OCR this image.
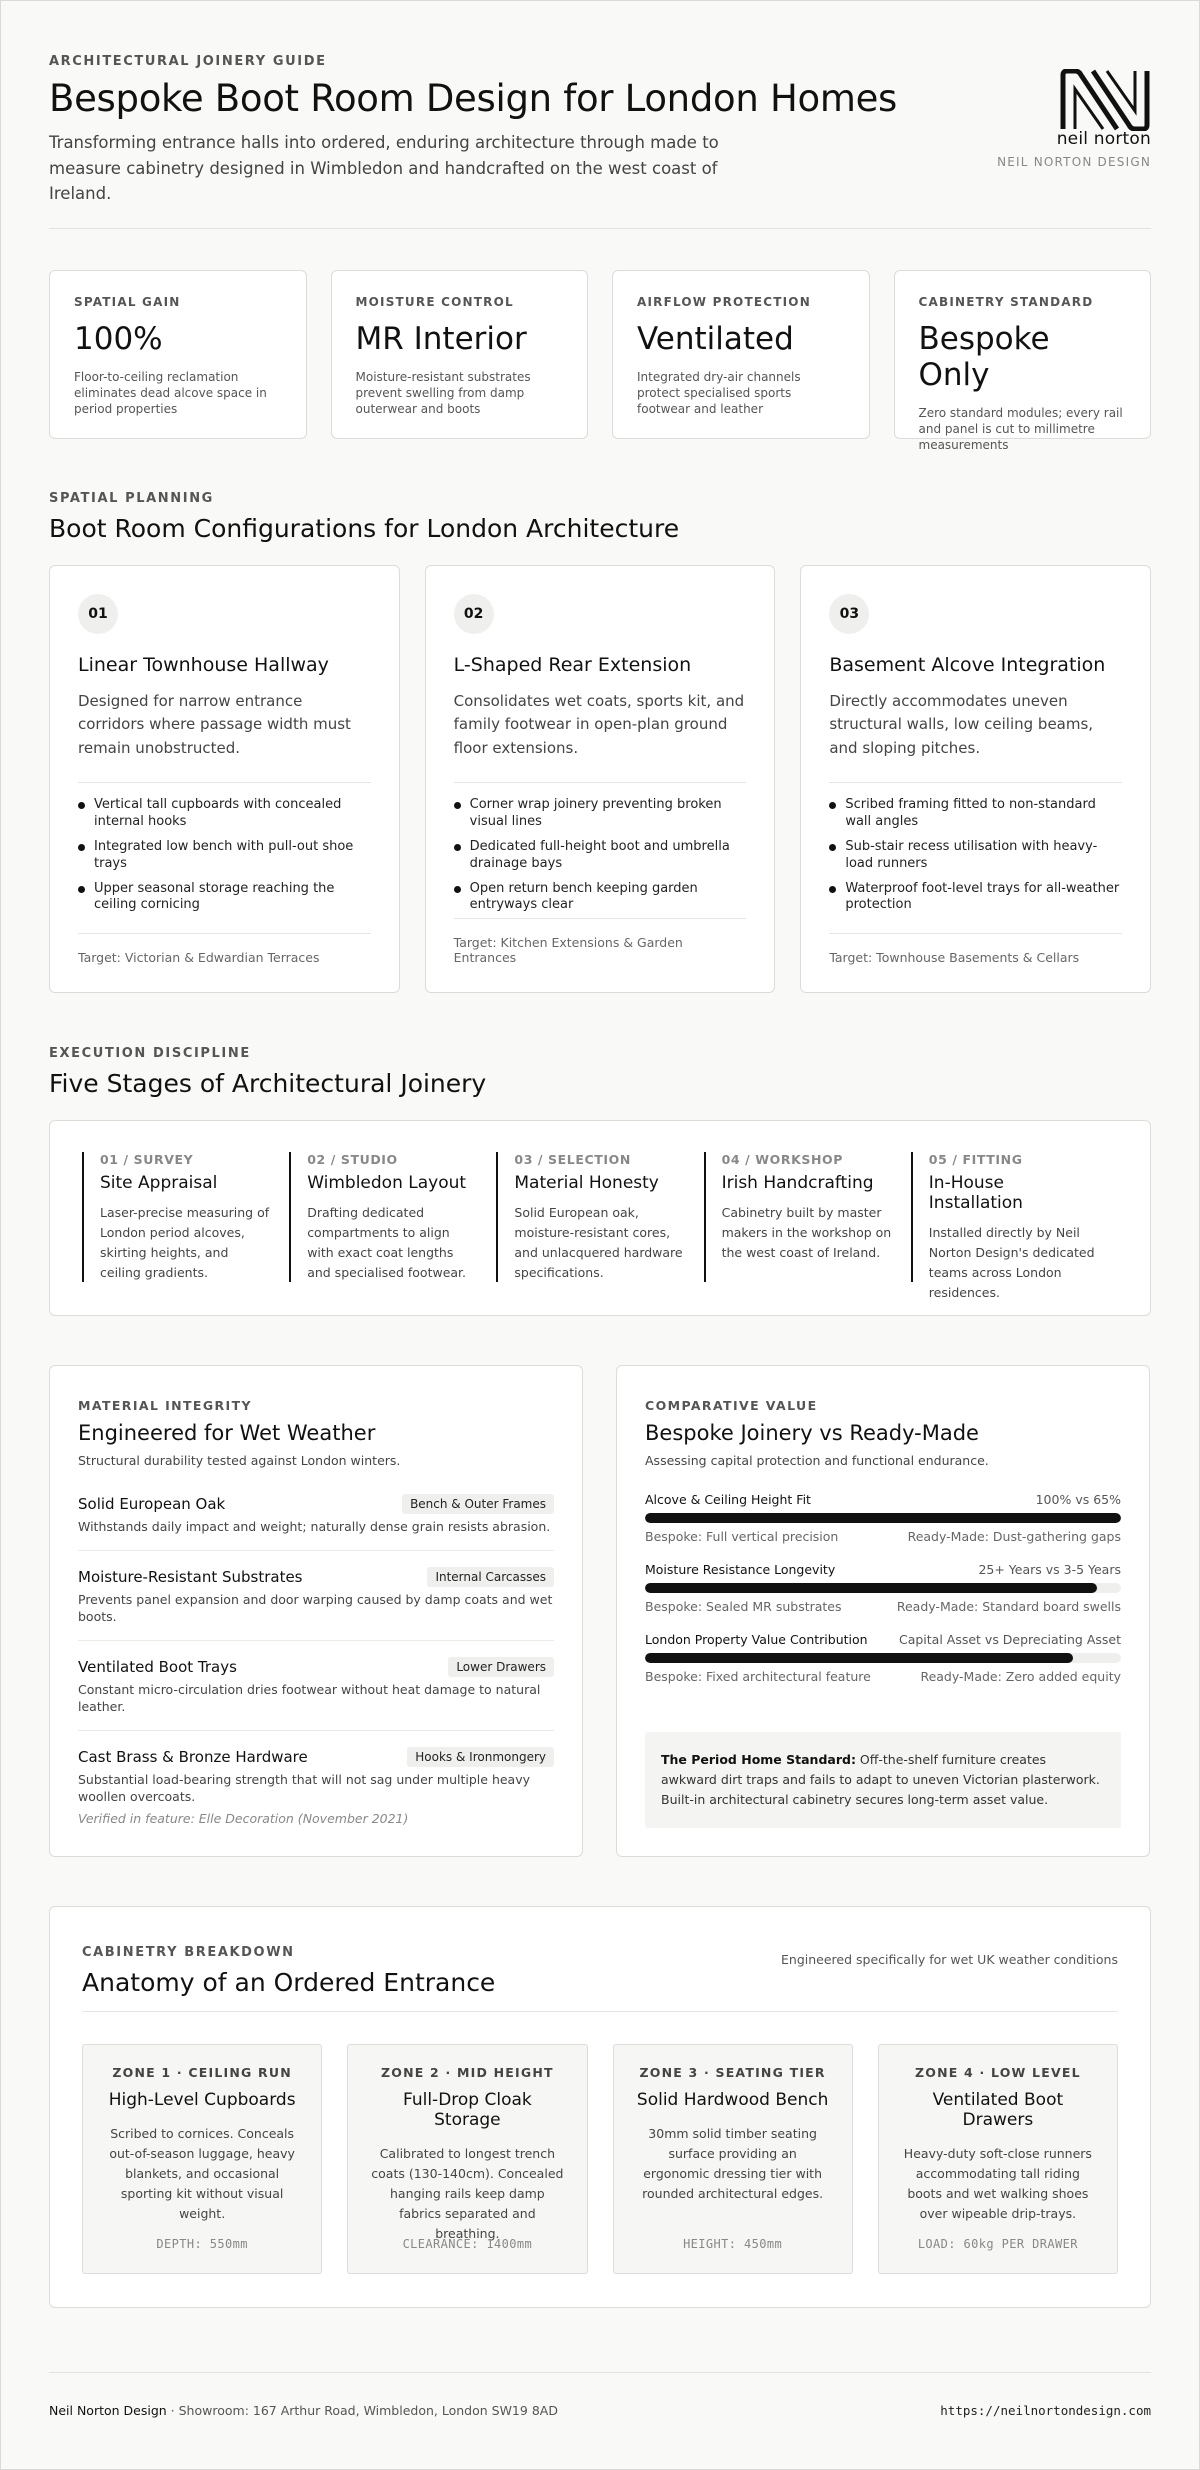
ARCHITECTURAL JOINERY GUIDE
Bespoke Boot Room Design for London Homes

Transforming entrance halls into ordered, enduring architecture through made to measure cabinetry designed in Wimbledon and handcrafted on the west coast of Ireland.

neil norton
NEIL NORTON DESIGN
SPATIAL GAIN
100%
Floor-to-ceiling reclamation eliminates dead alcove space in period properties
MOISTURE CONTROL
MR Interior
Moisture-resistant substrates prevent swelling from damp outerwear and boots
AIRFLOW PROTECTION
Ventilated
Integrated dry-air channels protect specialised sports footwear and leather
CABINETRY STANDARD
Bespoke Only
Zero standard modules; every rail and panel is cut to millimetre measurements
SPATIAL PLANNING
Boot Room Configurations for London Architecture
01
Linear Townhouse Hallway

Designed for narrow entrance corridors where passage width must remain unobstructed.

Vertical tall cupboards with concealed internal hooks
Integrated low bench with pull-out shoe trays
Upper seasonal storage reaching the ceiling cornicing
Target: Victorian & Edwardian Terraces
02
L-Shaped Rear Extension

Consolidates wet coats, sports kit, and family footwear in open-plan ground floor extensions.

Corner wrap joinery preventing broken visual lines
Dedicated full-height boot and umbrella drainage bays
Open return bench keeping garden entryways clear
Target: Kitchen Extensions & Garden Entrances
03
Basement Alcove Integration

Directly accommodates uneven structural walls, low ceiling beams, and sloping pitches.

Scribed framing fitted to non-standard wall angles
Sub-stair recess utilisation with heavy-load runners
Waterproof foot-level trays for all-weather protection
Target: Townhouse Basements & Cellars
EXECUTION DISCIPLINE
Five Stages of Architectural Joinery
01 / SURVEY
Site Appraisal

Laser-precise measuring of London period alcoves, skirting heights, and ceiling gradients.

02 / STUDIO
Wimbledon Layout

Drafting dedicated compartments to align with exact coat lengths and specialised footwear.

03 / SELECTION
Material Honesty

Solid European oak, moisture-resistant cores, and unlacquered hardware specifications.

04 / WORKSHOP
Irish Handcrafting

Cabinetry built by master makers in the workshop on the west coast of Ireland.

05 / FITTING
In-House Installation

Installed directly by Neil Norton Design's dedicated teams across London residences.

MATERIAL INTEGRITY
Engineered for Wet Weather
Structural durability tested against London winters.
Solid European Oak	Bench & Outer Frames
Withstands daily impact and weight; naturally dense grain resists abrasion.
Moisture-Resistant Substrates	Internal Carcasses
Prevents panel expansion and door warping caused by damp coats and wet boots.
Ventilated Boot Trays	Lower Drawers
Constant micro-circulation dries footwear without heat damage to natural leather.
Cast Brass & Bronze Hardware	Hooks & Ironmongery
Substantial load-bearing strength that will not sag under multiple heavy woollen overcoats.
Verified in feature: Elle Decoration (November 2021)
COMPARATIVE VALUE
Bespoke Joinery vs Ready-Made
Assessing capital protection and functional endurance.
Alcove & Ceiling Height Fit	100% vs 65%
Bespoke: Full vertical precision	Ready-Made: Dust-gathering gaps
Moisture Resistance Longevity	25+ Years vs 3-5 Years
Bespoke: Sealed MR substrates	Ready-Made: Standard board swells
London Property Value Contribution	Capital Asset vs Depreciating Asset
Bespoke: Fixed architectural feature	Ready-Made: Zero added equity
The Period Home Standard: Off-the-shelf furniture creates awkward dirt traps and fails to adapt to uneven Victorian plasterwork. Built-in architectural cabinetry secures long-term asset value.
CABINETRY BREAKDOWN
Anatomy of an Ordered Entrance
Engineered specifically for wet UK weather conditions
ZONE 1 · CEILING RUN
High-Level Cupboards

Scribed to cornices. Conceals out-of-season luggage, heavy blankets, and occasional sporting kit without visual weight.

DEPTH: 550mm
ZONE 2 · MID HEIGHT
Full-Drop Cloak Storage

Calibrated to longest trench coats (130-140cm). Concealed hanging rails keep damp fabrics separated and breathing.

CLEARANCE: 1400mm
ZONE 3 · SEATING TIER
Solid Hardwood Bench

30mm solid timber seating surface providing an ergonomic dressing tier with rounded architectural edges.

HEIGHT: 450mm
ZONE 4 · LOW LEVEL
Ventilated Boot Drawers

Heavy-duty soft-close runners accommodating tall riding boots and wet walking shoes over wipeable drip-trays.

LOAD: 60kg PER DRAWER
Neil Norton Design · Showroom: 167 Arthur Road, Wimbledon, London SW19 8AD	https://neilnortondesign.com
